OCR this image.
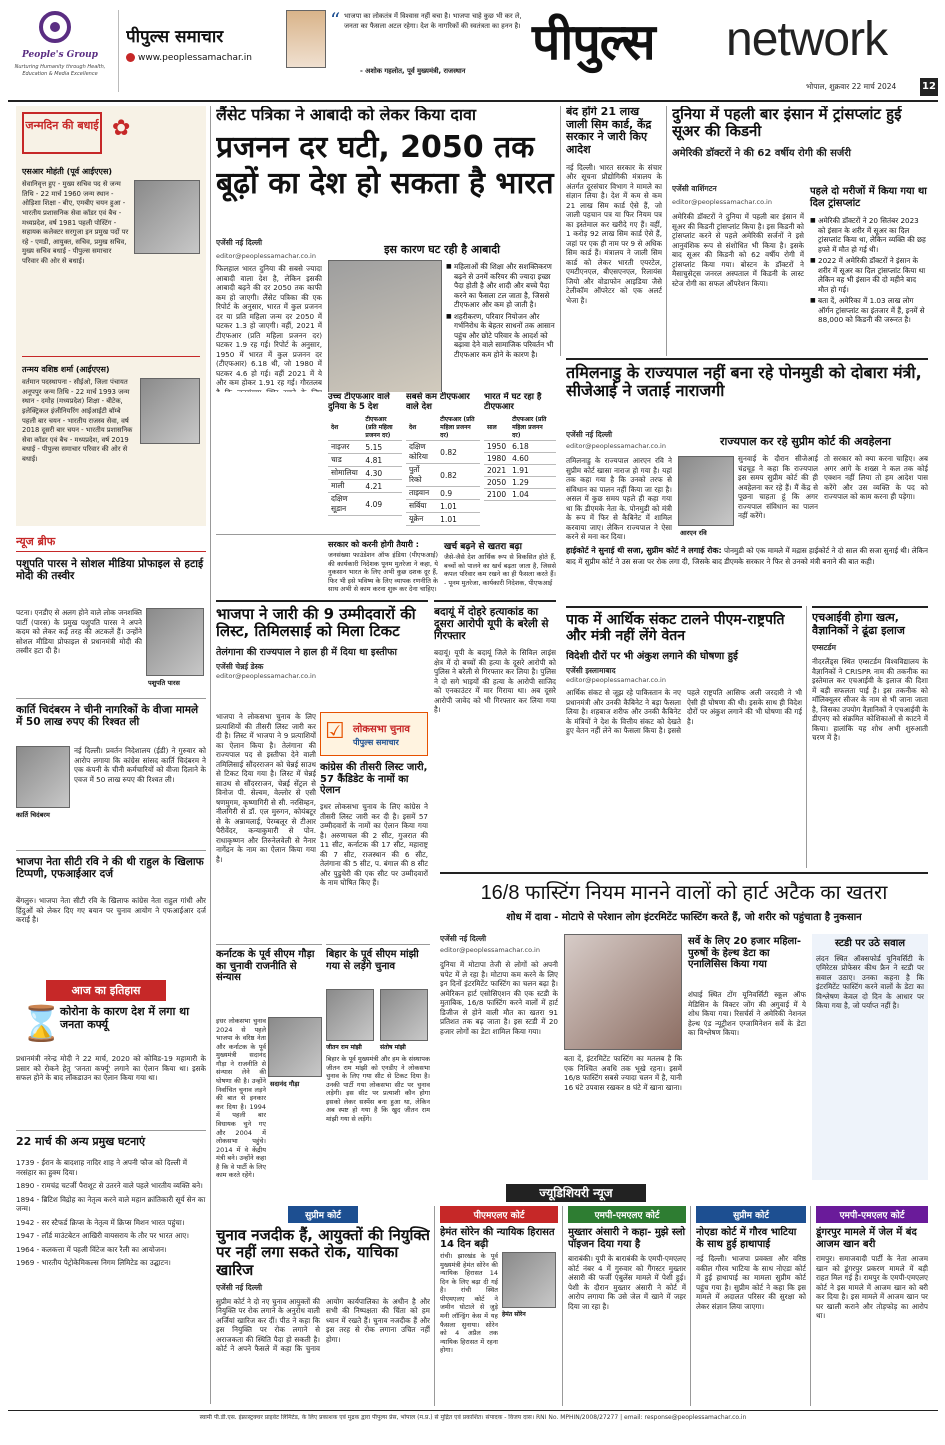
People's Group
Nurturing Humanity through Health, Education & Media Excellence
पीपुल्स समाचार
www.peoplessamachar.in
“ भाजपा का लोकतंत्र में विश्वास नहीं बचा है। भाजपा चाहे कुछ भी कर ले, जनता का फैसला अटल रहेगा। देश के नागरिकों की स्वतंत्रता का हनन है।
- अशोक गहलोत, पूर्व मुख्यमंत्री, राजस्थान	पीपुल्स network
भोपाल, शुक्रवार 22 मार्च 2024	12
जन्मदिन की बधाई ✿
एसआर मोहंती (पूर्व आईएएस)
सेवानिवृत्त हुए - मुख्य सचिव पद से जन्म तिथि - 22 मार्च 1960 जन्म स्थान - ओड़िशा शिक्षा - बीए, एमबीए चयन हुआ - भारतीय प्रशासनिक सेवा कॉडर एवं बैच - मध्यप्रदेश, वर्ष 1981 पहली पोस्टिंग - सहायक कलेक्टर सरगुजा इन प्रमुख पदों पर रहे - एमडी, आयुक्त, सचिव, प्रमुख सचिव, मुख्य सचिव बधाई - पीपुल्स समाचार परिवार की ओर से बधाई।
तन्मय वशिष्ठ शर्मा (आईएएस)
वर्तमान पदस्थापना - सीईओ, जिला पंचायत अनूपपुर जन्म तिथि - 22 मार्च 1993 जन्म स्थान - दमोह (मध्यप्रदेश) शिक्षा - बीटेक, इलेक्ट्रिकल इंजीनियरिंग आईआईटी बॉम्बे पहली बार चयन - भारतीय राजस्व सेवा, वर्ष 2018 दूसरी बार चयन - भारतीय प्रशासनिक सेवा कॉडर एवं बैच - मध्यप्रदेश, वर्ष 2019 बधाई - पीपुल्स समाचार परिवार की ओर से बधाई।
न्यूज ब्रीफ
पशुपति पारस ने सोशल मीडिया प्रोफाइल से हटाई मोदी की तस्वीर
पटना। एनडीए से अलग होने वाले लोक जनशक्ति पार्टी (पारस) के प्रमुख पशुपति पारस ने अपने कदम को लेकर कई तरह की अटकलें हैं। उन्होंने सोशल मीडिया प्रोफाइल से प्रधानमंत्री मोदी की तस्वीर हटा दी है।
पशुपति पारस
कार्ति चिदंबरम ने चीनी नागरिकों के वीजा मामले में 50 लाख रुपए की रिश्वत ली
कार्ति चिदंबरम
नई दिल्ली। प्रवर्तन निदेशालय (ईडी) ने गुरुवार को आरोप लगाया कि कांग्रेस सांसद कार्ति चिदंबरम ने एक कंपनी के चीनी कर्मचारियों को वीजा दिलाने के एवज में 50 लाख रुपए की रिश्वत ली।
भाजपा नेता सीटी रवि ने की थी राहुल के खिलाफ टिप्पणी, एफआईआर दर्ज
बेंगलुरु। भाजपा नेता सीटी रवि के खिलाफ कांग्रेस नेता राहुल गांधी और हिंदुओं को लेकर दिए गए बयान पर चुनाव आयोग ने एफआईआर दर्ज कराई है।
आज का इतिहास
⌛
कोरोना के कारण देश में लगा था जनता कर्फ्यू
प्रधानमंत्री नरेन्द्र मोदी ने 22 मार्च, 2020 को कोविड-19 महामारी के प्रसार को रोकने हेतु 'जनता कर्फ्यू' लगाने का ऐलान किया था। इसके सफल होने के बाद लॉकडाउन का ऐलान किया गया था।
22 मार्च की अन्य प्रमुख घटनाएं
1739 - ईरान के बादशाह नादिर शाह ने अपनी फौज को दिल्ली में नरसंहार का हुक्म दिया।
1890 - रामचंद्र चटर्जी पैराशूट से उतरने वाले पहले भारतीय व्यक्ति बने।
1894 - ब्रिटिश विद्रोह का नेतृत्व करने वाले महान क्रांतिकारी सूर्य सेन का जन्म।
1942 - सर स्टैफर्ड क्रिप्स के नेतृत्व में क्रिप्स मिशन भारत पहुंचा।
1947 - लॉर्ड माउंटबेटन आखिरी वायसराय के तौर पर भारत आए।
1964 - कलकत्ता में पहली विंटेज कार रैली का आयोजन।
1969 - भारतीय पेट्रोकेमिकल्स निगम लिमिटेड का उद्घाटन।
लैंसेट पत्रिका ने आबादी को लेकर किया दावा
प्रजनन दर घटी, 2050 तक बूढ़ों का देश हो सकता है भारत
एजेंसी नई दिल्ली
editor@peoplessamachar.co.in
फिलहाल भारत दुनिया की सबसे ज्यादा आबादी वाला देश है, लेकिन इसकी आबादी बढ़ने की दर 2050 तक काफी कम हो जाएगी। लैंसेट पत्रिका की एक रिपोर्ट के अनुसार, भारत में कुल प्रजनन दर या प्रति महिला जन्म दर 2050 में घटकर 1.3 हो जाएगी। वहीं, 2021 में टीएफआर (प्रति महिला प्रजनन दर) घटकर 1.9 रह गई। रिपोर्ट के अनुसार, 1950 में भारत में कुल प्रजनन दर (टीएफआर) 6.18 थी, जो 1980 में घटकर 4.6 हो गई। वहीं 2021 में ये और कम होकर 1.91 रह गई। गौरतलब
इस कारण घट रही है आबादी
■ महिलाओं की शिक्षा और सशक्तिकरण बढ़ने से उनमें करियर की ज्यादा इच्छा पैदा होती है और शादी और बच्चे पैदा करने का फैसला टल जाता है, जिससे टीएफआर और कम हो जाती है।
■ शहरीकरण, परिवार नियोजन और गर्भनिरोध के बेहतर साधनों तक आसान पहुंच और छोटे परिवार के आदर्श को बढ़ावा देने वाले सामाजिक परिवर्तन भी टीएफआर कम होने के कारण है।
उच्च टीएफआर वाले दुनिया के 5 देश
देश	टीएफआर (प्रति महिला प्रजनन दर)
नाइजर	5.15
चाड	4.81
सोमालिया	4.30
माली	4.21
दक्षिण सूडान	4.09
सबसे कम टीएफआर वाले देश
देश	टीएफआर (प्रति महिला प्रजनन दर)
दक्षिण कोरिया	0.82
पुर्तो रिको	0.82
ताइवान	0.9
सर्बिया	1.01
यूक्रेन	1.01
भारत में घट रहा है टीएफआर
साल	टीएफआर (प्रति महिला प्रजनन दर)
1950	6.18
1980	4.60
2021	1.91
2050	1.29
2100	1.04
सरकार को करनी होगी तैयारी :
जनसंख्या फाउंडेशन ऑफ इंडिया (पीएफआई) की कार्यकारी निदेशक पूनम मुतरेजा ने कहा, ये नुकसान भारत के लिए अभी कुछ दशक दूर हैं, फिर भी इसे भविष्य के लिए व्यापक रणनीति के साथ अभी से काम करना शुरू कर देना चाहिए।
खर्च बढ़ने से खतरा बढ़ा
जैसे-जैसे देश आर्थिक रूप से विकसित होते हैं, बच्चों को पालने का खर्च बढ़ता जाता है, जिससे कपल परिवार कम रखने का ही फैसला करते हैं। - पूनम मुतरेजा, कार्यकारी निदेशक, पीएफआई
भाजपा ने जारी की 9 उम्मीदवारों की लिस्ट, तिमिलसाई को मिला टिकट
तेलंगाना की राज्यपाल ने हाल ही में दिया था इस्तीफा
एजेंसी चेन्नई डेस्क
editor@peoplessamachar.co.in
भाजपा ने लोकसभा चुनाव के लिए प्रत्याशियों की तीसरी लिस्ट जारी कर दी है। लिस्ट में भाजपा ने 9 प्रत्याशियों का ऐलान किया है। तेलंगाना की राज्यपाल पद से इस्तीफा देने वाली तमिलिसाई सौंदरराजन को चेन्नई साउथ से टिकट दिया गया है। लिस्ट में चेन्नई साउथ से सौंदरराजन, चेन्नई सेंट्रल से विनोज पी. सेल्वम, वेल्लोर से एसी षणमुगम, कृष्णागिरी से सी. नरसिम्हन, नीलगिरी से डॉ. एल मुरुगन, कोयंबटूर से के अन्नामलाई, पेरम्बलूर से टीआर पैरीवेंदर, कन्याकुमारी से पोन. राधाकृष्णन और तिरुनेलवेली से नैनार नागेंद्रन के नाम का ऐलान किया गया है।
☑ लोकसभा चुनाव
पीपुल्स समाचार
कांग्रेस की तीसरी लिस्ट जारी, 57 कैंडिडेट के नामों का ऐलान
इधर लोकसभा चुनाव के लिए कांग्रेस ने तीसरी लिस्ट जारी कर दी है। इसमें 57 उम्मीदवारों के नामों का ऐलान किया गया है। अरुणाचल की 2 सीट, गुजरात की 11 सीट, कर्नाटक की 17 सीट, महाराष्ट्र की 7 सीट, राजस्थान की 6 सीट, तेलंगाना की 5 सीट, प. बंगाल की 8 सीट और पुडुचेरी की एक सीट पर उम्मीदवारों के नाम घोषित किए हैं।
बदायूं में दोहरे हत्याकांड का दूसरा आरोपी यूपी के बरेली से गिरफ्तार
बदायूं। यूपी के बदायूं जिले के सिविल लाइंस क्षेत्र में दो बच्चों की हत्या के दूसरे आरोपी को पुलिस ने बरेली से गिरफ्तार कर लिया है। पुलिस ने दो सगे भाइयों की हत्या के आरोपी साजिद को एनकाउंटर में मार गिराया था। अब दूसरे आरोपी जावेद को भी गिरफ्तार कर लिया गया है।
कर्नाटक के पूर्व सीएम गौड़ा का चुनावी राजनीति से संन्यास
सदानंद गौड़ा
इधर लोकसभा चुनाव 2024 से पहले भाजपा के वरिष्ठ नेता और कर्नाटक के पूर्व मुख्यमंत्री सदानंद गौड़ा ने राजनीति से संन्यास लेने की घोषणा की है। उन्होंने निर्वाचित चुनाव लड़ने की बात से इनकार कर दिया है। 1994 में पहली बार विधायक चुने गए और 2004 में लोकसभा पहुंचे। 2014 में वे केंद्रीय मंत्री बने। उन्होंने कहा है कि वे पार्टी के लिए काम करते रहेंगे।
बिहार के पूर्व सीएम मांझी गया से लड़ेंगे चुनाव
जीतन राम मांझी	संतोष मांझी
बिहार के पूर्व मुख्यमंत्री और हम के संस्थापक जीतन राम मांझी को एनडीए ने लोकसभा चुनाव के लिए गया सीट से टिकट दिया है। उनकी पार्टी गया लोकसभा सीट पर चुनाव लड़ेगी। इस सीट पर प्रत्याशी कौन होगा इसको लेकर सस्पेंस बना हुआ था, लेकिन अब स्पष्ट हो गया है कि खुद जीतन राम मांझी गया से लड़ेंगे।
बंद होंगे 21 लाख जाली सिम कार्ड, केंद्र सरकार ने जारी किए आदेश
नई दिल्ली। भारत सरकार के संचार और सूचना प्रौद्योगिकी मंत्रालय के अंतर्गत दूरसंचार विभाग ने मामले का संज्ञान लिया है। देश में कम से कम 21 लाख सिम कार्ड ऐसे हैं, जो जाली पहचान पत्र या फिर नियम पत्र का इस्तेमाल कर खरीदे गए हैं। वहीं, 1 करोड़ 92 लाख सिम कार्ड ऐसे हैं, जहां पर एक ही नाम पर 9 से अधिक सिम कार्ड हैं। मंत्रालय ने जाली सिम कार्ड को लेकर भारती एयरटेल, एमटीएनएल, बीएसएनएल, रिलायंस जियो और वोडाफोन आइडिया जैसे टेलीकॉम ऑपरेटर को एक अलर्ट भेजा है।
दुनिया में पहली बार इंसान में ट्रांसप्लांट हुई सूअर की किडनी
अमेरिकी डॉक्टरों ने की 62 वर्षीय रोगी की सर्जरी
एजेंसी वाशिंगटन
editor@peoplessamachar.co.in
अमेरिकी डॉक्टरों ने दुनिया में पहली बार इंसान में सूअर की किडनी ट्रांसप्लांट किया है। इस किडनी को ट्रांसप्लांट करने से पहले अमेरिकी सर्जनों ने इसे आनुवंशिक रूप से संशोधित भी किया है। इसके बाद सूअर की किडनी को 62 वर्षीय रोगी में ट्रांसप्लांट किया गया। बोस्टन के डॉक्टरों ने मैसाचुसेट्स जनरल अस्पताल में किडनी के लास्ट स्टेज रोगी का सफल ऑपरेशन किया।
पहले दो मरीजों में किया गया था दिल ट्रांसप्लांट
■ अमेरिकी डॉक्टरों ने 20 सितंबर 2023 को इंसान के शरीर में सूअर का दिल ट्रांसप्लांट किया था, लेकिन व्यक्ति की छह हफ्ते में मौत हो गई थी।
■ 2022 में अमेरिकी डॉक्टरों ने इंसान के शरीर में सूअर का दिल ट्रांसप्लांट किया था लेकिन वह भी इंसान की दो महीने बाद मौत हो गई।
■ बता दें, अमेरिका में 1.03 लाख लोग ऑर्गन ट्रांसप्लांट का इंतजार में हैं, इनमें से 88,000 को किडनी की जरूरत है।
तमिलनाडु के राज्यपाल नहीं बना रहे पोनमुडी को दोबारा मंत्री, सीजेआई ने जताई नाराजगी
एजेंसी नई दिल्ली
editor@peoplessamachar.co.in	राज्यपाल कर रहे सुप्रीम कोर्ट की अवहेलना
तमिलनाडु के राज्यपाल आरएन रवि ने सुप्रीम कोर्ट खासा नाराज हो गया है। यहां तक कहा गया है कि उनको तरफ से संविधान का पालन नहीं किया जा रहा है। असल में कुछ समय पहले ही कहा गया था कि डीएमके नेता के. पोनमुडी को मंत्री के रूप में फिर से कैबिनेट में शामिल करवाया जाए। लेकिन राज्यपाल ने ऐसा करने से मना कर दिया।	आरएन रवि
सुनवाई के दौरान सीजेआई चंद्रचूड़ ने कहा कि राज्यपाल इस समय सुप्रीम कोर्ट की ही अवहेलना कर रहे हैं। मैं केंद्र से पूछना चाहता हूं कि अगर राज्यपाल संविधान का पालन नहीं करेंगे।
तो सरकार को क्या करना चाहिए। अब अगर आगे के शख्स ने कल तक कोई एक्शन नहीं लिया तो हम आदेश पास करेंगे और उस व्यक्ति के पद को राज्यपाल को काम करना ही पड़ेगा।
हाईकोर्ट ने सुनाई थी सजा, सुप्रीम कोर्ट ने लगाई रोक: पोनमुडी को एक मामले में मद्रास हाईकोर्ट ने दो साल की सजा सुनाई थी। लेकिन बाद में सुप्रीम कोर्ट ने उस सजा पर रोक लगा दी, जिसके बाद डीएमके सरकार ने फिर से उनको मंत्री बनाने की बात कही।
पाक में आर्थिक संकट टालने पीएम-राष्ट्रपति और मंत्री नहीं लेंगे वेतन
विदेशी दौरों पर भी अंकुश लगाने की घोषणा हुई
एजेंसी इस्लामाबाद
editor@peoplessamachar.co.in
आर्थिक संकट से जूझ रहे पाकिस्तान के नए प्रधानमंत्री और उनकी कैबिनेट ने बड़ा फैसला लिया है। शहबाज शरीफ और उनकी कैबिनेट के मंत्रियों ने देश के वित्तीय संकट को देखते हुए वेतन नहीं लेने का फैसला किया है। इससे पहले राष्ट्रपति आसिफ अली जरदारी ने भी ऐसी ही घोषणा की थी। इसके साथ ही विदेश दौरों पर अंकुश लगाने की भी घोषणा की गई है।
एचआईवी होगा खत्म, वैज्ञानिकों ने ढूंढा इलाज
एम्सटर्डम
नीदरलैंड्स स्थित एम्सटर्डम विश्वविद्यालय के वैज्ञानिकों ने CRISPR नाम की तकनीक का इस्तेमाल कर एचआईवी के इलाज की दिशा में बड़ी सफलता पाई है। इस तकनीक को मॉलिक्यूलर सीजर के नाम से भी जाना जाता है, जिसका उपयोग वैज्ञानिकों ने एचआईवी के डीएनए को संक्रमित कोशिकाओं से काटने में किया। हालांकि यह शोध अभी शुरुआती चरण में है।
16/8 फास्टिंग नियम मानने वालों को हार्ट अटैक का खतरा
शोध में दावा - मोटापे से परेशान लोग इंटरमिटेंट फास्टिंग करते हैं, जो शरीर को पहुंचाता है नुकसान
एजेंसी नई दिल्ली
editor@peoplessamachar.co.in
दुनिया में मोटापा तेजी से लोगों को अपनी चपेट में ले रहा है। मोटापा कम करने के लिए इन दिनों इंटरमिटेंट फास्टिंग का चलन बढ़ा है। अमेरिकन हार्ट एसोसिएशन की एक स्टडी के मुताबिक, 16/8 फास्टिंग करने वालों में हार्ट डिजीज से होने वाली मौत का खतरा 91 प्रतिशत तक बढ़ जाता है। इस स्टडी में 20 हजार लोगों का डेटा शामिल किया गया।
बता दें, इंटरमिटेंट फास्टिंग का मतलब है कि एक निश्चित अवधि तक भूखे रहना। इसमें 16/8 फास्टिंग सबसे ज्यादा चलन में है, यानी 16 घंटे उपवास रखकर 8 घंटे में खाना खाना।
सर्वे के लिए 20 हजार महिला-पुरुषों के हेल्थ डेटा का एनालिसिस किया गया
शंघाई स्थित टोंग यूनिवर्सिटी स्कूल ऑफ मेडिसिन के विक्टर जोंग की अगुवाई में ये शोध किया गया। रिसर्चर्स ने अमेरिकी नेशनल हेल्थ एंड न्यूट्रीशन एग्जामिनेशन सर्वे के डेटा का विश्लेषण किया।
स्टडी पर उठे सवाल
लंदन स्थित ऑक्सफोर्ड यूनिवर्सिटी के एमिरेटस प्रोफेसर कीथ फ्रैन ने स्टडी पर सवाल उठाए। उनका कहना है कि इंटरमिटेंट फास्टिंग करने वालों के डेटा का विश्लेषण केवल दो दिन के आधार पर किया गया है, जो पर्याप्त नहीं है।
ज्यूडिशियरी न्यूज
सुप्रीम कोर्ट
चुनाव नजदीक हैं, आयुक्तों की नियुक्ति पर नहीं लगा सकते रोक, याचिका खारिज
एजेंसी नई दिल्ली
सुप्रीम कोर्ट ने दो नए चुनाव आयुक्तों की नियुक्ति पर रोक लगाने के अनुरोध वाली अर्जियां खारिज कर दीं। पीठ ने कहा कि इस नियुक्ति पर रोक लगाने से अराजकता की स्थिति पैदा हो सकती है। कोर्ट ने अपने फैसले में कहा कि चुनाव आयोग कार्यपालिका के अधीन है और सभी की निष्पक्षता की चिंता को हम ध्यान में रखते हैं। चुनाव नजदीक हैं और इस तरह से रोक लगाना उचित नहीं होगा।
पीएमएलए कोर्ट
हेमंत सोरेन की न्यायिक हिरासत 14 दिन बढ़ी
हेमंत सोरेन
रांची। झारखंड के पूर्व मुख्यमंत्री हेमंत सोरेन की न्यायिक हिरासत 14 दिन के लिए बढ़ा दी गई है। रांची स्थित पीएमएलए कोर्ट ने जमीन घोटाले से जुड़े मनी लॉन्ड्रिंग केस में यह फैसला सुनाया। सोरेन को 4 अप्रैल तक न्यायिक हिरासत में रहना होगा।
एमपी-एमएलए कोर्ट
मुख्तार अंसारी ने कहा- मुझे स्लो पॉइजन दिया गया है
बाराबंकी। यूपी के बाराबंकी के एमपी-एमएलए कोर्ट नंबर 4 में गुरुवार को गैंगस्टर मुख्तार अंसारी की फर्जी एंबुलेंस मामले में पेशी हुई। पेशी के दौरान मुख्तार अंसारी ने कोर्ट में आरोप लगाया कि उसे जेल में खाने में जहर दिया जा रहा है।
सुप्रीम कोर्ट
नोएडा कोर्ट में गौरव भाटिया के साथ हुई हाथापाई
नई दिल्ली। भाजपा प्रवक्ता और वरिष्ठ वकील गौरव भाटिया के साथ नोएडा कोर्ट में हुई हाथापाई का मामला सुप्रीम कोर्ट पहुंच गया है। सुप्रीम कोर्ट ने कहा कि इस मामले में अदालत परिसर की सुरक्षा को लेकर संज्ञान लिया जाएगा।
एमपी-एमएलए कोर्ट
डूंगरपुर मामले में जेल में बंद आजम खान बरी
रामपुर। समाजवादी पार्टी के नेता आजम खान को डूंगरपुर प्रकरण मामले में बड़ी राहत मिल गई है। रामपुर के एमपी-एमएलए कोर्ट ने इस मामले में आजम खान को बरी कर दिया है। इस मामले में आजम खान पर घर खाली कराने और तोड़फोड़ का आरोप था।
स्वामी पी.डी.एस. इंफ्रास्ट्रक्चर प्राइवेट लिमिटेड, के लिए प्रकाशक एवं मुद्रक द्वारा पीपुल्स प्रेस, भोपाल (म.प्र.) से मुद्रित एवं प्रकाशित। संपादक - विजय दास। RNI No. MPHIN/2008/27277 | email: response@peoplessamachar.co.in
